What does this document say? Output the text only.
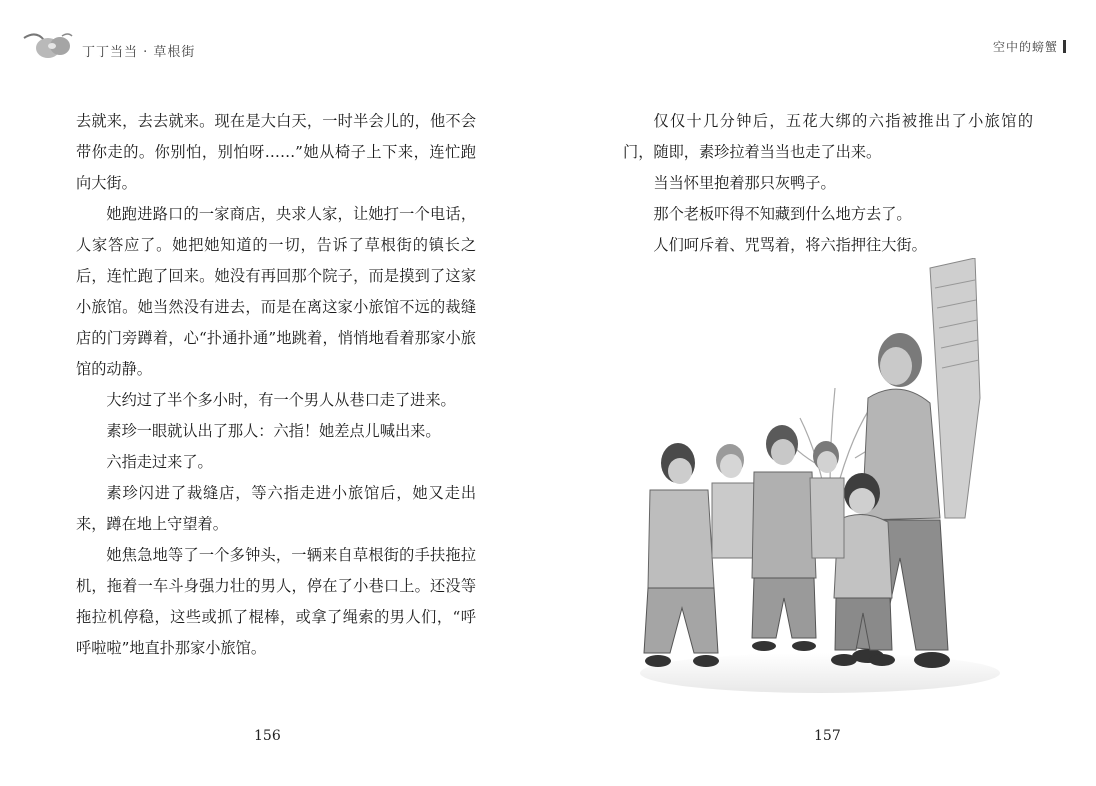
丁丁当当 · 草根街

去就来，去去就来。现在是大白天，一时半会儿的，他不会带你走的。你别怕，别怕呀……”她从椅子上下来，连忙跑向大街。

她跑进路口的一家商店，央求人家，让她打一个电话，人家答应了。她把她知道的一切，告诉了草根街的镇长之后，连忙跑了回来。她没有再回那个院子，而是摸到了这家小旅馆。她当然没有进去，而是在离这家小旅馆不远的裁缝店的门旁蹲着，心“扑通扑通”地跳着，悄悄地看着那家小旅馆的动静。

大约过了半个多小时，有一个男人从巷口走了进来。

素珍一眼就认出了那人：六指！她差点儿喊出来。

六指走过来了。

素珍闪进了裁缝店，等六指走进小旅馆后，她又走出来，蹲在地上守望着。

她焦急地等了一个多钟头，一辆来自草根街的手扶拖拉机，拖着一车斗身强力壮的男人，停在了小巷口上。还没等拖拉机停稳，这些或抓了棍棒，或拿了绳索的男人们，“呼呼啦啦”地直扑那家小旅馆。

156
空中的螃蟹

仅仅十几分钟后，五花大绑的六指被推出了小旅馆的门，随即，素珍拉着当当也走了出来。

当当怀里抱着那只灰鸭子。

那个老板吓得不知藏到什么地方去了。

人们呵斥着、咒骂着，将六指押往大街。

157
